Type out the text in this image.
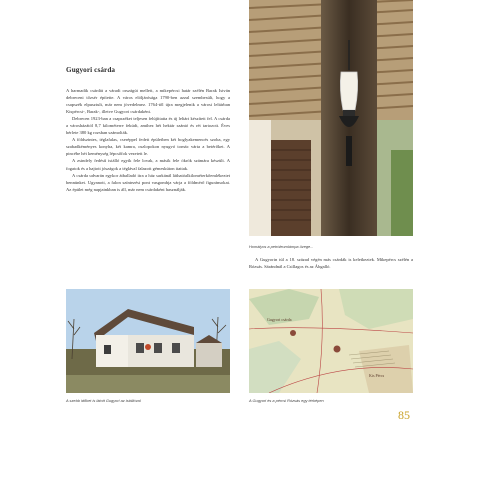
Gugyori csárda

A harmadik csárdát a váradi országút mellett, a mikepércsi határ szélén Barak István debreceni tőzsér építette. A város elöljárósága 1790-ben azzal szembesült, hogy a csapszék elpusztult, már nem jövedelmez. 1764-től újra megjelenik a városi leltárban Kispércsi-, Barak-, illetve Gugyori csárdaként.

Debrecen 1923-ban a csapszéket teljesen felújíttatta és új leltárt készített fel. A csárda a városházától 8,7 kilométerre feküdt, amihez hét hektár szántó és rét tartozott. Éves bérlete 380 kg rozsban számolták.

A földszintes, téglafalas, cseréppel fedett épületben két boglyakemencés szoba, egy szabadkéményes konyha, két kamra, oszlopokon nyugvó tornác várta a betérőket. A pincébe hét keménység lépcsőfok vezetett le.

A zsindely fedésű istálló egyik fele lovak, a másik fele ökrök számára készült. A fogatok és a hajtott jószágok a téglával falazott gémeskúton itattak.

A csárda udvarán egykor átballadó itra a ház sarkánál láthatóalkilométerkőemlékeztet bennünket. Ugyanott, a falon színtezési pont vasgombja várja a földmérő figuránsokat. Az épület még napjainkban is áll, már nem csárdaként használják.

Homályos a petróleumlámpa üvege...

A Gugyorin túl a 18. század végén más csárdák is keletkeztek. Mikepércs szélén a Rózsás. Sárándnál a Csillagos és az Ábgalló.

Gugyori csárda
Kis Pércs
A szebb időket is látott Gugyori az istállóval	A Gugyori és a pércsi Rózsás egy térképen
85
